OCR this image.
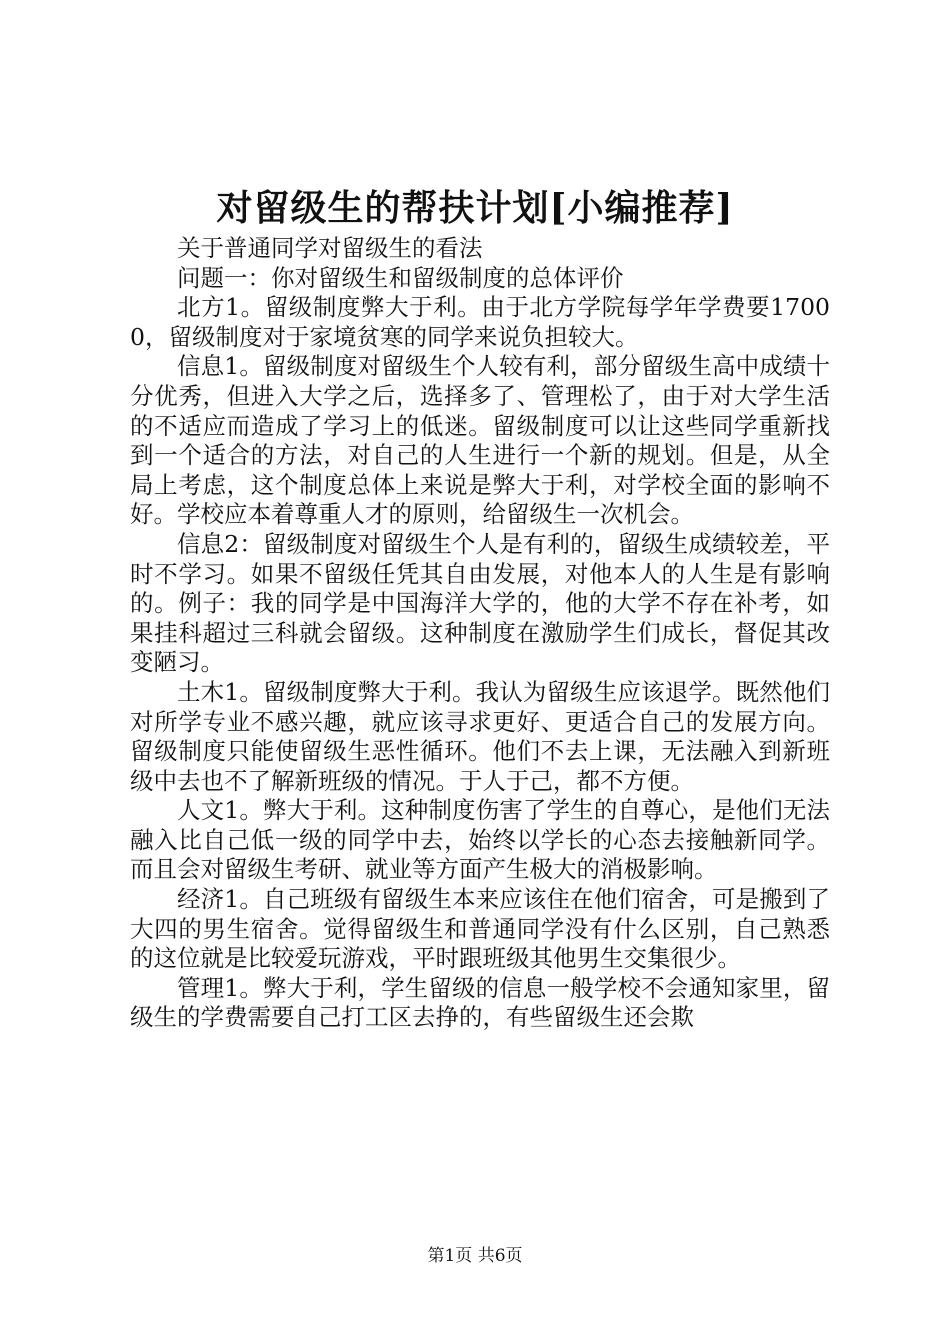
对留级生的帮扶计划[小编推荐]

关于普通同学对留级生的看法

问题一：你对留级生和留级制度的总体评价

北方1。留级制度弊大于利。由于北方学院每学年学费要17000，留级制度对于家境贫寒的同学来说负担较大。

信息1。留级制度对留级生个人较有利，部分留级生高中成绩十分优秀，但进入大学之后，选择多了、管理松了，由于对大学生活的不适应而造成了学习上的低迷。留级制度可以让这些同学重新找到一个适合的方法，对自己的人生进行一个新的规划。但是，从全局上考虑，这个制度总体上来说是弊大于利，对学校全面的影响不好。学校应本着尊重人才的原则，给留级生一次机会。

信息2：留级制度对留级生个人是有利的，留级生成绩较差，平时不学习。如果不留级任凭其自由发展，对他本人的人生是有影响的。例子：我的同学是中国海洋大学的，他的大学不存在补考，如果挂科超过三科就会留级。这种制度在激励学生们成长，督促其改变陋习。

土木1。留级制度弊大于利。我认为留级生应该退学。既然他们对所学专业不感兴趣，就应该寻求更好、更适合自己的发展方向。留级制度只能使留级生恶性循环。他们不去上课，无法融入到新班级中去也不了解新班级的情况。于人于己，都不方便。

人文1。弊大于利。这种制度伤害了学生的自尊心，是他们无法融入比自己低一级的同学中去，始终以学长的心态去接触新同学。而且会对留级生考研、就业等方面产生极大的消极影响。

经济1。自己班级有留级生本来应该住在他们宿舍，可是搬到了大四的男生宿舍。觉得留级生和普通同学没有什么区别，自己熟悉的这位就是比较爱玩游戏，平时跟班级其他男生交集很少。

管理1。弊大于利，学生留级的信息一般学校不会通知家里，留级生的学费需要自己打工区去挣的，有些留级生还会欺

第1页 共6页
